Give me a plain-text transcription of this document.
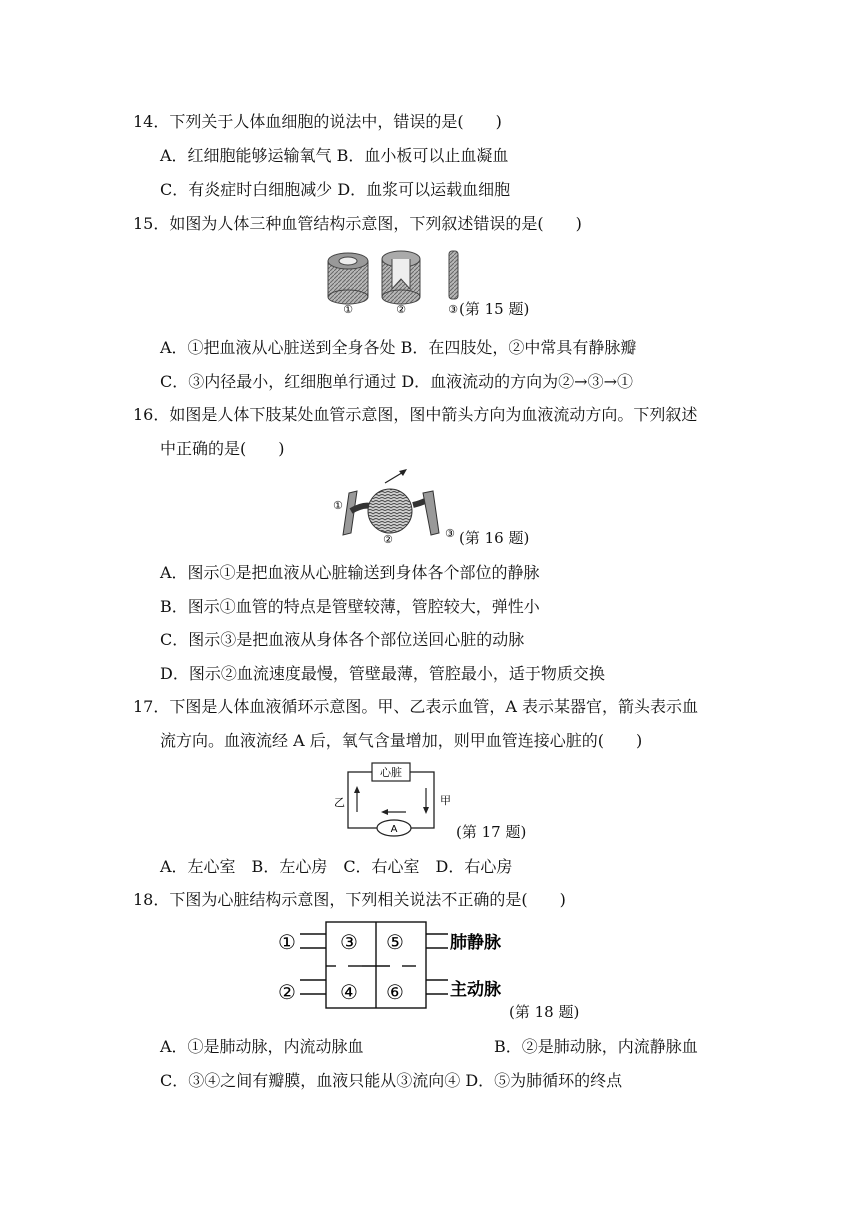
14．下列关于人体血细胞的说法中，错误的是(　　)
A．红细胞能够运输氧气 B．血小板可以止血凝血
C．有炎症时白细胞减少 D．血浆可以运载血细胞
15．如图为人体三种血管结构示意图，下列叙述错误的是(　　)
①	②	③ (第 15 题)
A．①把血液从心脏送到全身各处 B．在四肢处，②中常具有静脉瓣
C．③内径最小，红细胞单行通过 D．血液流动的方向为②→③→①
16．如图是人体下肢某处血管示意图，图中箭头方向为血液流动方向。下列叙述
中正确的是(　　)
①
②	③ (第 16 题)
A．图示①是把血液从心脏输送到身体各个部位的静脉
B．图示①血管的特点是管壁较薄，管腔较大，弹性小
C．图示③是把血液从身体各个部位送回心脏的动脉
D．图示②血流速度最慢，管壁最薄，管腔最小，适于物质交换
17．下图是人体血液循环示意图。甲、乙表示血管，A 表示某器官，箭头表示血
流方向。血液流经 A 后，氧气含量增加，则甲血管连接心脏的(　　)
心脏
A
乙	甲
(第 17 题)
A．左心室　B．左心房　C．右心室　D．右心房
18．下图为心脏结构示意图，下列相关说法不正确的是(　　)
①
②
③
④
⑤
⑥
肺静脉
主动脉
(第 18 题)
A．①是肺动脉，内流动脉血	B．②是肺动脉，内流静脉血
C．③④之间有瓣膜，血液只能从③流向④ D．⑤为肺循环的终点
